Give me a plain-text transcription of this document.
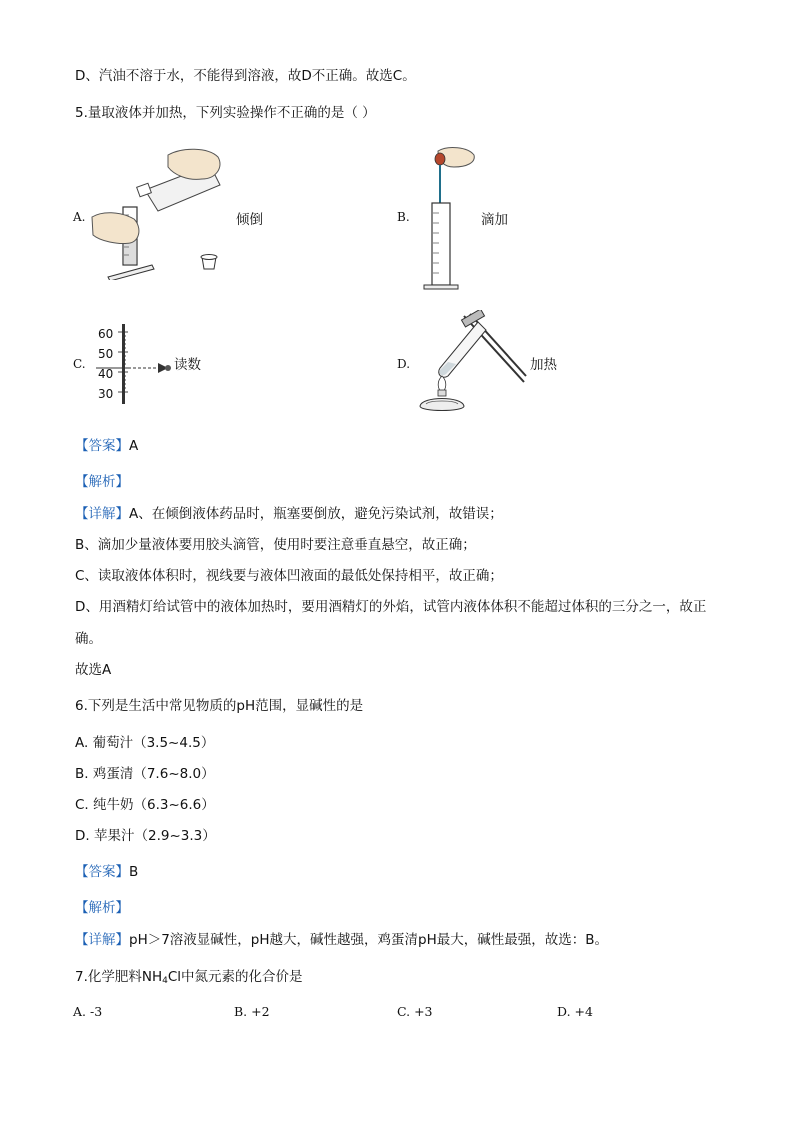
D、汽油不溶于水，不能得到溶液，故D不正确。故选C。
5.量取液体并加热，下列实验操作不正确的是（ ）
A.	倾倒	B.	滴加
C.
60
50
40
30
读数	D.	加热
【答案】A
【解析】
【详解】A、在倾倒液体药品时，瓶塞要倒放，避免污染试剂，故错误；
B、滴加少量液体要用胶头滴管，使用时要注意垂直悬空，故正确；
C、读取液体体积时，视线要与液体凹液面的最低处保持相平，故正确；
D、用酒精灯给试管中的液体加热时，要用酒精灯的外焰，试管内液体体积不能超过体积的三分之一，故正
确。
故选A
6.下列是生活中常见物质的pH范围，显碱性的是
A. 葡萄汁（3.5~4.5）
B. 鸡蛋清（7.6~8.0）
C. 纯牛奶（6.3~6.6）
D. 苹果汁（2.9~3.3）
【答案】B
【解析】
【详解】pH＞7溶液显碱性，pH越大，碱性越强，鸡蛋清pH最大，碱性最强，故选：B。
7.化学肥料$NH_4Cl$中氮元素的化合价是
A. -3	B. +2	C. +3	D. +4
